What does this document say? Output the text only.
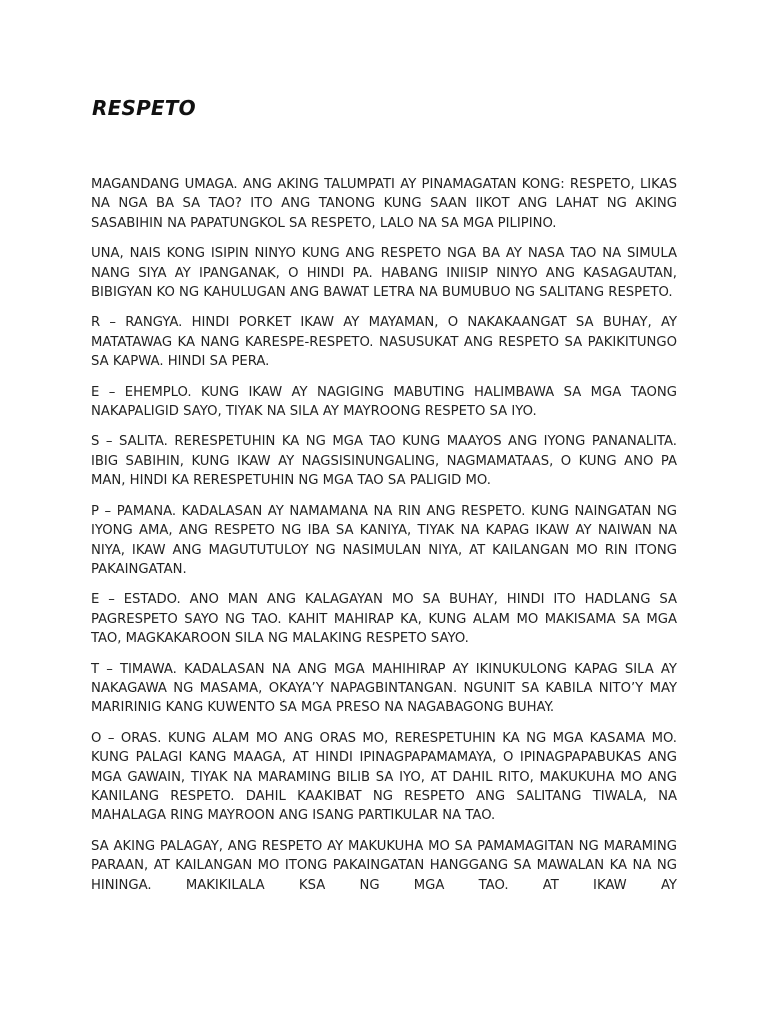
RESPETO

MAGANDANG UMAGA. ANG AKING TALUMPATI AY PINAMAGATAN KONG: RESPETO, LIKAS NA NGA BA SA TAO? ITO ANG TANONG KUNG SAAN IIKOT ANG LAHAT NG AKING SASABIHIN NA PAPATUNGKOL SA RESPETO, LALO NA SA MGA PILIPINO.

UNA, NAIS KONG ISIPIN NINYO KUNG ANG RESPETO NGA BA AY NASA TAO NA SIMULA NANG SIYA AY IPANGANAK, O HINDI PA. HABANG INIISIP NINYO ANG KASAGAUTAN, BIBIGYAN KO NG KAHULUGAN ANG BAWAT LETRA NA BUMUBUO NG SALITANG RESPETO.

R – RANGYA. HINDI PORKET IKAW AY MAYAMAN, O NAKAKAANGAT SA BUHAY, AY MATATAWAG KA NANG KARESPE-RESPETO. NASUSUKAT ANG RESPETO SA PAKIKITUNGO SA KAPWA. HINDI SA PERA.

E – EHEMPLO. KUNG IKAW AY NAGIGING MABUTING HALIMBAWA SA MGA TAONG NAKAPALIGID SAYO, TIYAK NA SILA AY MAYROONG RESPETO SA IYO.

S – SALITA. RERESPETUHIN KA NG MGA TAO KUNG MAAYOS ANG IYONG PANANALITA. IBIG SABIHIN, KUNG IKAW AY NAGSISINUNGALING, NAGMAMATAAS, O KUNG ANO PA MAN, HINDI KA RERESPETUHIN NG MGA TAO SA PALIGID MO.

P – PAMANA. KADALASAN AY NAMAMANA NA RIN ANG RESPETO. KUNG NAINGATAN NG IYONG AMA, ANG RESPETO NG IBA SA KANIYA, TIYAK NA KAPAG IKAW AY NAIWAN NA NIYA, IKAW ANG MAGUTUTULOY NG NASIMULAN NIYA, AT KAILANGAN MO RIN ITONG PAKAINGATAN.

E – ESTADO. ANO MAN ANG KALAGAYAN MO SA BUHAY, HINDI ITO HADLANG SA PAGRESPETO SAYO NG TAO. KAHIT MAHIRAP KA, KUNG ALAM MO MAKISAMA SA MGA TAO, MAGKAKAROON SILA NG MALAKING RESPETO SAYO.

T – TIMAWA. KADALASAN NA ANG MGA MAHIHIRAP AY IKINUKULONG KAPAG SILA AY NAKAGAWA NG MASAMA, OKAYA’Y NAPAGBINTANGAN. NGUNIT SA KABILA NITO’Y MAY MARIRINIG KANG KUWENTO SA MGA PRESO NA NAGABAGONG BUHAY.

O – ORAS. KUNG ALAM MO ANG ORAS MO, RERESPETUHIN KA NG MGA KASAMA MO. KUNG PALAGI KANG MAAGA, AT HINDI IPINAGPAPAMAMAYA, O IPINAGPAPABUKAS ANG MGA GAWAIN, TIYAK NA MARAMING BILIB SA IYO, AT DAHIL RITO, MAKUKUHA MO ANG KANILANG RESPETO. DAHIL KAAKIBAT NG RESPETO ANG SALITANG TIWALA, NA MAHALAGA RING MAYROON ANG ISANG PARTIKULAR NA TAO.

SA AKING PALAGAY, ANG RESPETO AY MAKUKUHA MO SA PAMAMAGITAN NG MARAMING PARAAN, AT KAILANGAN MO ITONG PAKAINGATAN HANGGANG SA MAWALAN KA NA NG HININGA. MAKIKILALA KSA NG MGA TAO. AT IKAW AY
